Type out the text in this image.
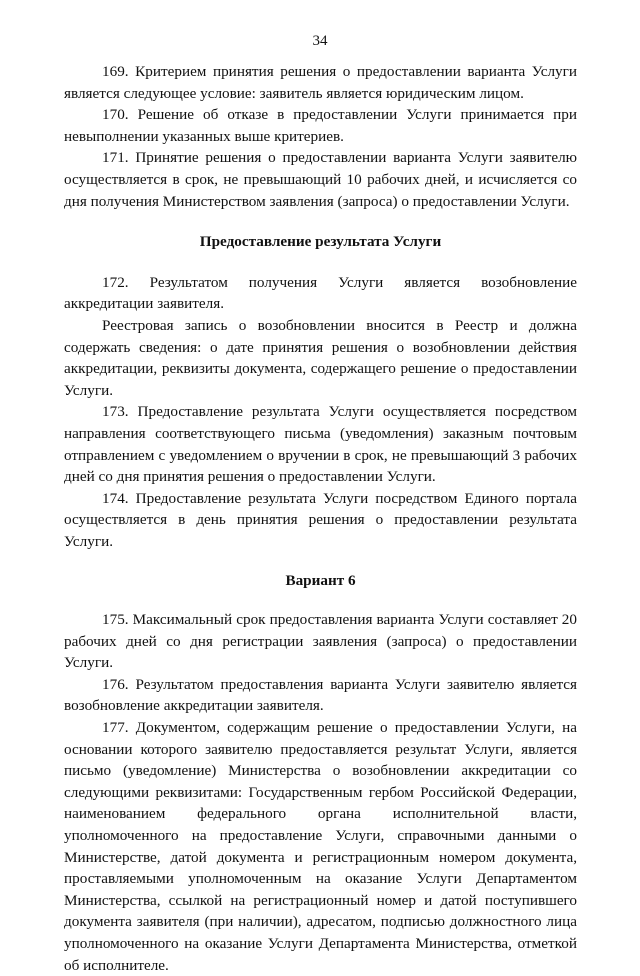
34

169. Критерием принятия решения о предоставлении варианта Услуги является следующее условие: заявитель является юридическим лицом.

170. Решение об отказе в предоставлении Услуги принимается при невыполнении указанных выше критериев.

171. Принятие решения о предоставлении варианта Услуги заявителю осуществляется в срок, не превышающий 10 рабочих дней, и исчисляется со дня получения Министерством заявления (запроса) о предоставлении Услуги.

Предоставление результата Услуги

172. Результатом получения Услуги является возобновление аккредитации заявителя.

Реестровая запись о возобновлении вносится в Реестр и должна содержать сведения: о дате принятия решения о возобновлении действия аккредитации, реквизиты документа, содержащего решение о предоставлении Услуги.

173. Предоставление результата Услуги осуществляется посредством направления соответствующего письма (уведомления) заказным почтовым отправлением с уведомлением о вручении в срок, не превышающий 3 рабочих дней со дня принятия решения о предоставлении Услуги.

174. Предоставление результата Услуги посредством Единого портала осуществляется в день принятия решения о предоставлении результата Услуги.

Вариант 6

175. Максимальный срок предоставления варианта Услуги составляет 20 рабочих дней со дня регистрации заявления (запроса) о предоставлении Услуги.

176. Результатом предоставления варианта Услуги заявителю является возобновление аккредитации заявителя.

177. Документом, содержащим решение о предоставлении Услуги, на основании которого заявителю предоставляется результат Услуги, является письмо (уведомление) Министерства о возобновлении аккредитации со следующими реквизитами: Государственным гербом Российской Федерации, наименованием федерального органа исполнительной власти, уполномоченного на предоставление Услуги, справочными данными о Министерстве, датой документа и регистрационным номером документа, проставляемыми уполномоченным на оказание Услуги Департаментом Министерства, ссылкой на регистрационный номер и датой поступившего документа заявителя (при наличии), адресатом, подписью должностного лица уполномоченного на оказание Услуги Департамента Министерства, отметкой об исполнителе.
